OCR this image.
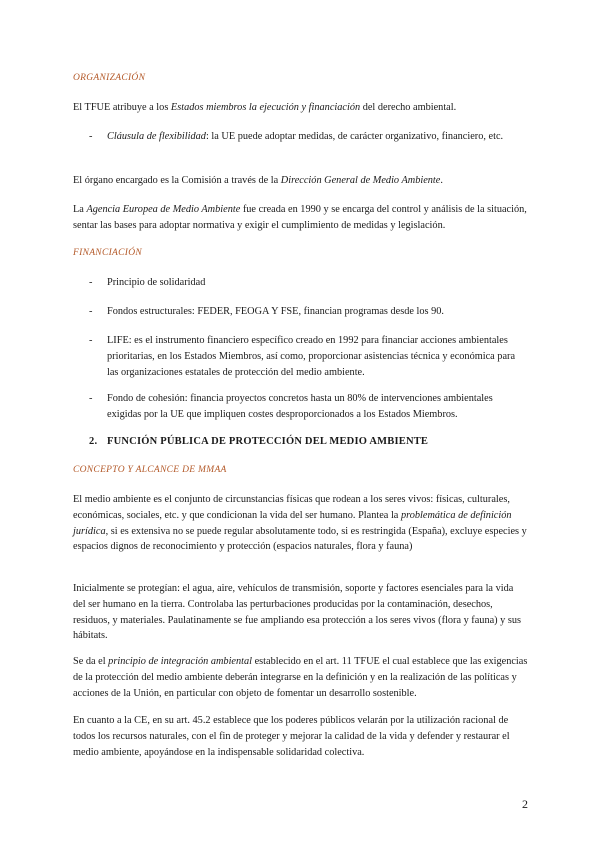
ORGANIZACIÓN

El TFUE atribuye a los Estados miembros la ejecución y financiación del derecho ambiental.

- Cláusula de flexibilidad: la UE puede adoptar medidas, de carácter organizativo, financiero, etc.

El órgano encargado es la Comisión a través de la Dirección General de Medio Ambiente.

La Agencia Europea de Medio Ambiente fue creada en 1990 y se encarga del control y análisis de la situación, sentar las bases para adoptar normativa y exigir el cumplimiento de medidas y legislación.

FINANCIACIÓN

- Principio de solidaridad
- Fondos estructurales: FEDER, FEOGA Y FSE, financian programas desde los 90.
- LIFE: es el instrumento financiero específico creado en 1992 para financiar acciones ambientales prioritarias, en los Estados Miembros, así como, proporcionar asistencias técnica y económica para las organizaciones estatales de protección del medio ambiente.
- Fondo de cohesión: financia proyectos concretos hasta un 80% de intervenciones ambientales exigidas por la UE que impliquen costes desproporcionados a los Estados Miembros.
2. FUNCIÓN PÚBLICA DE PROTECCIÓN DEL MEDIO AMBIENTE

CONCEPTO Y ALCANCE DE MMAA

El medio ambiente es el conjunto de circunstancias físicas que rodean a los seres vivos: físicas, culturales, económicas, sociales, etc. y que condicionan la vida del ser humano. Plantea la problemática de definición jurídica, si es extensiva no se puede regular absolutamente todo, si es restringida (España), excluye especies y espacios dignos de reconocimiento y protección (espacios naturales, flora y fauna)

Inicialmente se protegían: el agua, aire, vehículos de transmisión, soporte y factores esenciales para la vida del ser humano en la tierra. Controlaba las perturbaciones producidas por la contaminación, desechos, residuos, y materiales. Paulatinamente se fue ampliando esa protección a los seres vivos (flora y fauna) y sus hábitats.

Se da el principio de integración ambiental establecido en el art. 11 TFUE el cual establece que las exigencias de la protección del medio ambiente deberán integrarse en la definición y en la realización de las políticas y acciones de la Unión, en particular con objeto de fomentar un desarrollo sostenible.

En cuanto a la CE, en su art. 45.2 establece que los poderes públicos velarán por la utilización racional de todos los recursos naturales, con el fin de proteger y mejorar la calidad de la vida y defender y restaurar el medio ambiente, apoyándose en la indispensable solidaridad colectiva.

2
